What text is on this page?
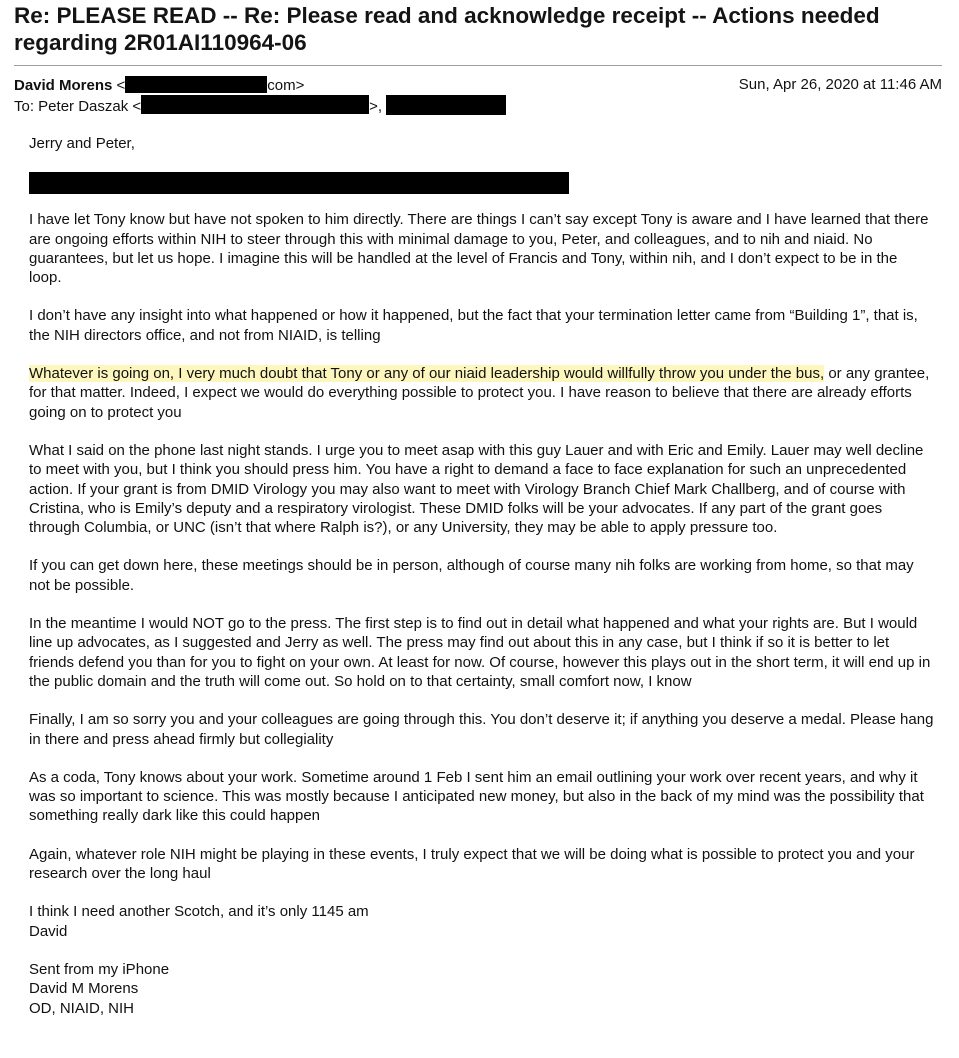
Re: PLEASE READ -- Re: Please read and acknowledge receipt -- Actions needed regarding 2R01AI110964-06
David Morens <	com>	Sun, Apr 26, 2020 at 11:46 AM
To: Peter Daszak <	>,

Jerry and Peter,

I have let Tony know but have not spoken to him directly. There are things I can’t say except Tony is aware and I have learned that there are ongoing efforts within NIH to steer through this with minimal damage to you, Peter, and colleagues, and to nih and niaid. No guarantees, but let us hope. I imagine this will be handled at the level of Francis and Tony, within nih, and I don’t expect to be in the loop.

I don’t have any insight into what happened or how it happened, but the fact that your termination letter came from “Building 1”, that is, the NIH directors office, and not from NIAID, is telling

Whatever is going on, I very much doubt that Tony or any of our niaid leadership would willfully throw you under the bus, or any grantee, for that matter. Indeed, I expect we would do everything possible to protect you. I have reason to believe that there are already efforts going on to protect you

What I said on the phone last night stands. I urge you to meet asap with this guy Lauer and with Eric and Emily. Lauer may well decline to meet with you, but I think you should press him. You have a right to demand a face to face explanation for such an unprecedented action. If your grant is from DMID Virology you may also want to meet with Virology Branch Chief Mark Challberg, and of course with Cristina, who is Emily’s deputy and a respiratory virologist. These DMID folks will be your advocates. If any part of the grant goes through Columbia, or UNC (isn’t that where Ralph is?), or any University, they may be able to apply pressure too.

If you can get down here, these meetings should be in person, although of course many nih folks are working from home, so that may not be possible.

In the meantime I would NOT go to the press. The first step is to find out in detail what happened and what your rights are. But I would line up advocates, as I suggested and Jerry as well. The press may find out about this in any case, but I think if so it is better to let friends defend you than for you to fight on your own. At least for now. Of course, however this plays out in the short term, it will end up in the public domain and the truth will come out. So hold on to that certainty, small comfort now, I know

Finally, I am so sorry you and your colleagues are going through this. You don’t deserve it; if anything you deserve a medal. Please hang in there and press ahead firmly but collegiality

As a coda, Tony knows about your work. Sometime around 1 Feb I sent him an email outlining your work over recent years, and why it was so important to science. This was mostly because I anticipated new money, but also in the back of my mind was the possibility that something really dark like this could happen

Again, whatever role NIH might be playing in these events, I truly expect that we will be doing what is possible to protect you and your research over the long haul

I think I need another Scotch, and it’s only 1145 am

David

Sent from my iPhone

David M Morens

OD, NIAID, NIH
